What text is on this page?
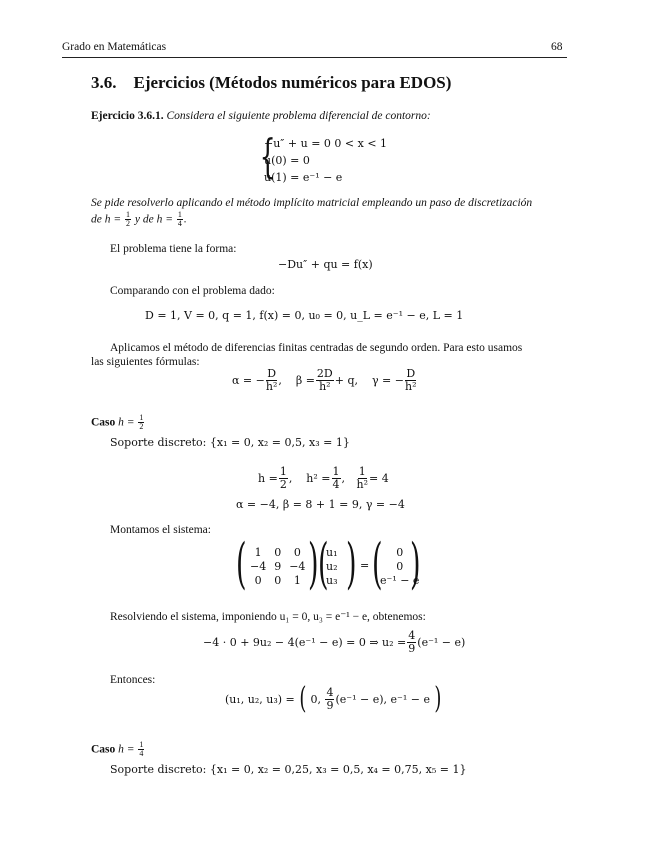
Grado en Matemáticas	68
3.6. Ejercicios (Métodos numéricos para EDOS)
Ejercicio 3.6.1. Considera el siguiente problema diferencial de contorno:
{
−u″ + u = 0 0 < x < 1
u(0) = 0
u(1) = e⁻¹ − e
Se pide resolverlo aplicando el método implícito matricial empleando un paso de discretización
de $h = \frac{1}{2}$ y de $h = \frac{1}{4}$ .
El problema tiene la forma:
−Du″ + qu = f(x)
Comparando con el problema dado:
D = 1, V = 0, q = 1, f(x) = 0, u₀ = 0, u_L = e⁻¹ − e, L = 1
Aplicamos el método de diferencias finitas centradas de segundo orden. Para esto usamos
las siguientes fórmulas:
α = − $\frac{D}{\text{h²}}$ ,    $\beta = \frac{2D}{\text{h²}} + q$,    γ = − $\frac{D}{\text{h²}}$
Caso $h = \frac{1}{2}$
Soporte discreto: {x₁ = 0, x₂ = 0,5, x₃ = 1}
$h = \frac{1}{2}$ ,    $h^2 = \frac{1}{4}$ , $\frac{1}{\text{h²}} = 4$
α = −4, β = 8 + 1 = 9, γ = −4
Montamos el sistema:
( 1	0	0
−4	9	−4
0	0	1 ) (
u₁
u₂
u₃ ) = ( 0
0
e⁻¹ − e
)
Resolviendo el sistema, imponiendo u₁ = 0, u₃ = e⁻¹ − e, obtenemos:
−4 · 0 + 9u₂ − 4(e⁻¹ − e) = 0 ⇒ $u_2 = \frac{4}{9} (e^{-1} - e)$
Entonces:
(u₁, u₂, u₃) = ( 0, $\frac{4}{9} (e^{-1} - e)$, e⁻¹ − e )
Caso $h = \frac{1}{4}$
Soporte discreto: {x₁ = 0, x₂ = 0,25, x₃ = 0,5, x₄ = 0,75, x₅ = 1}
